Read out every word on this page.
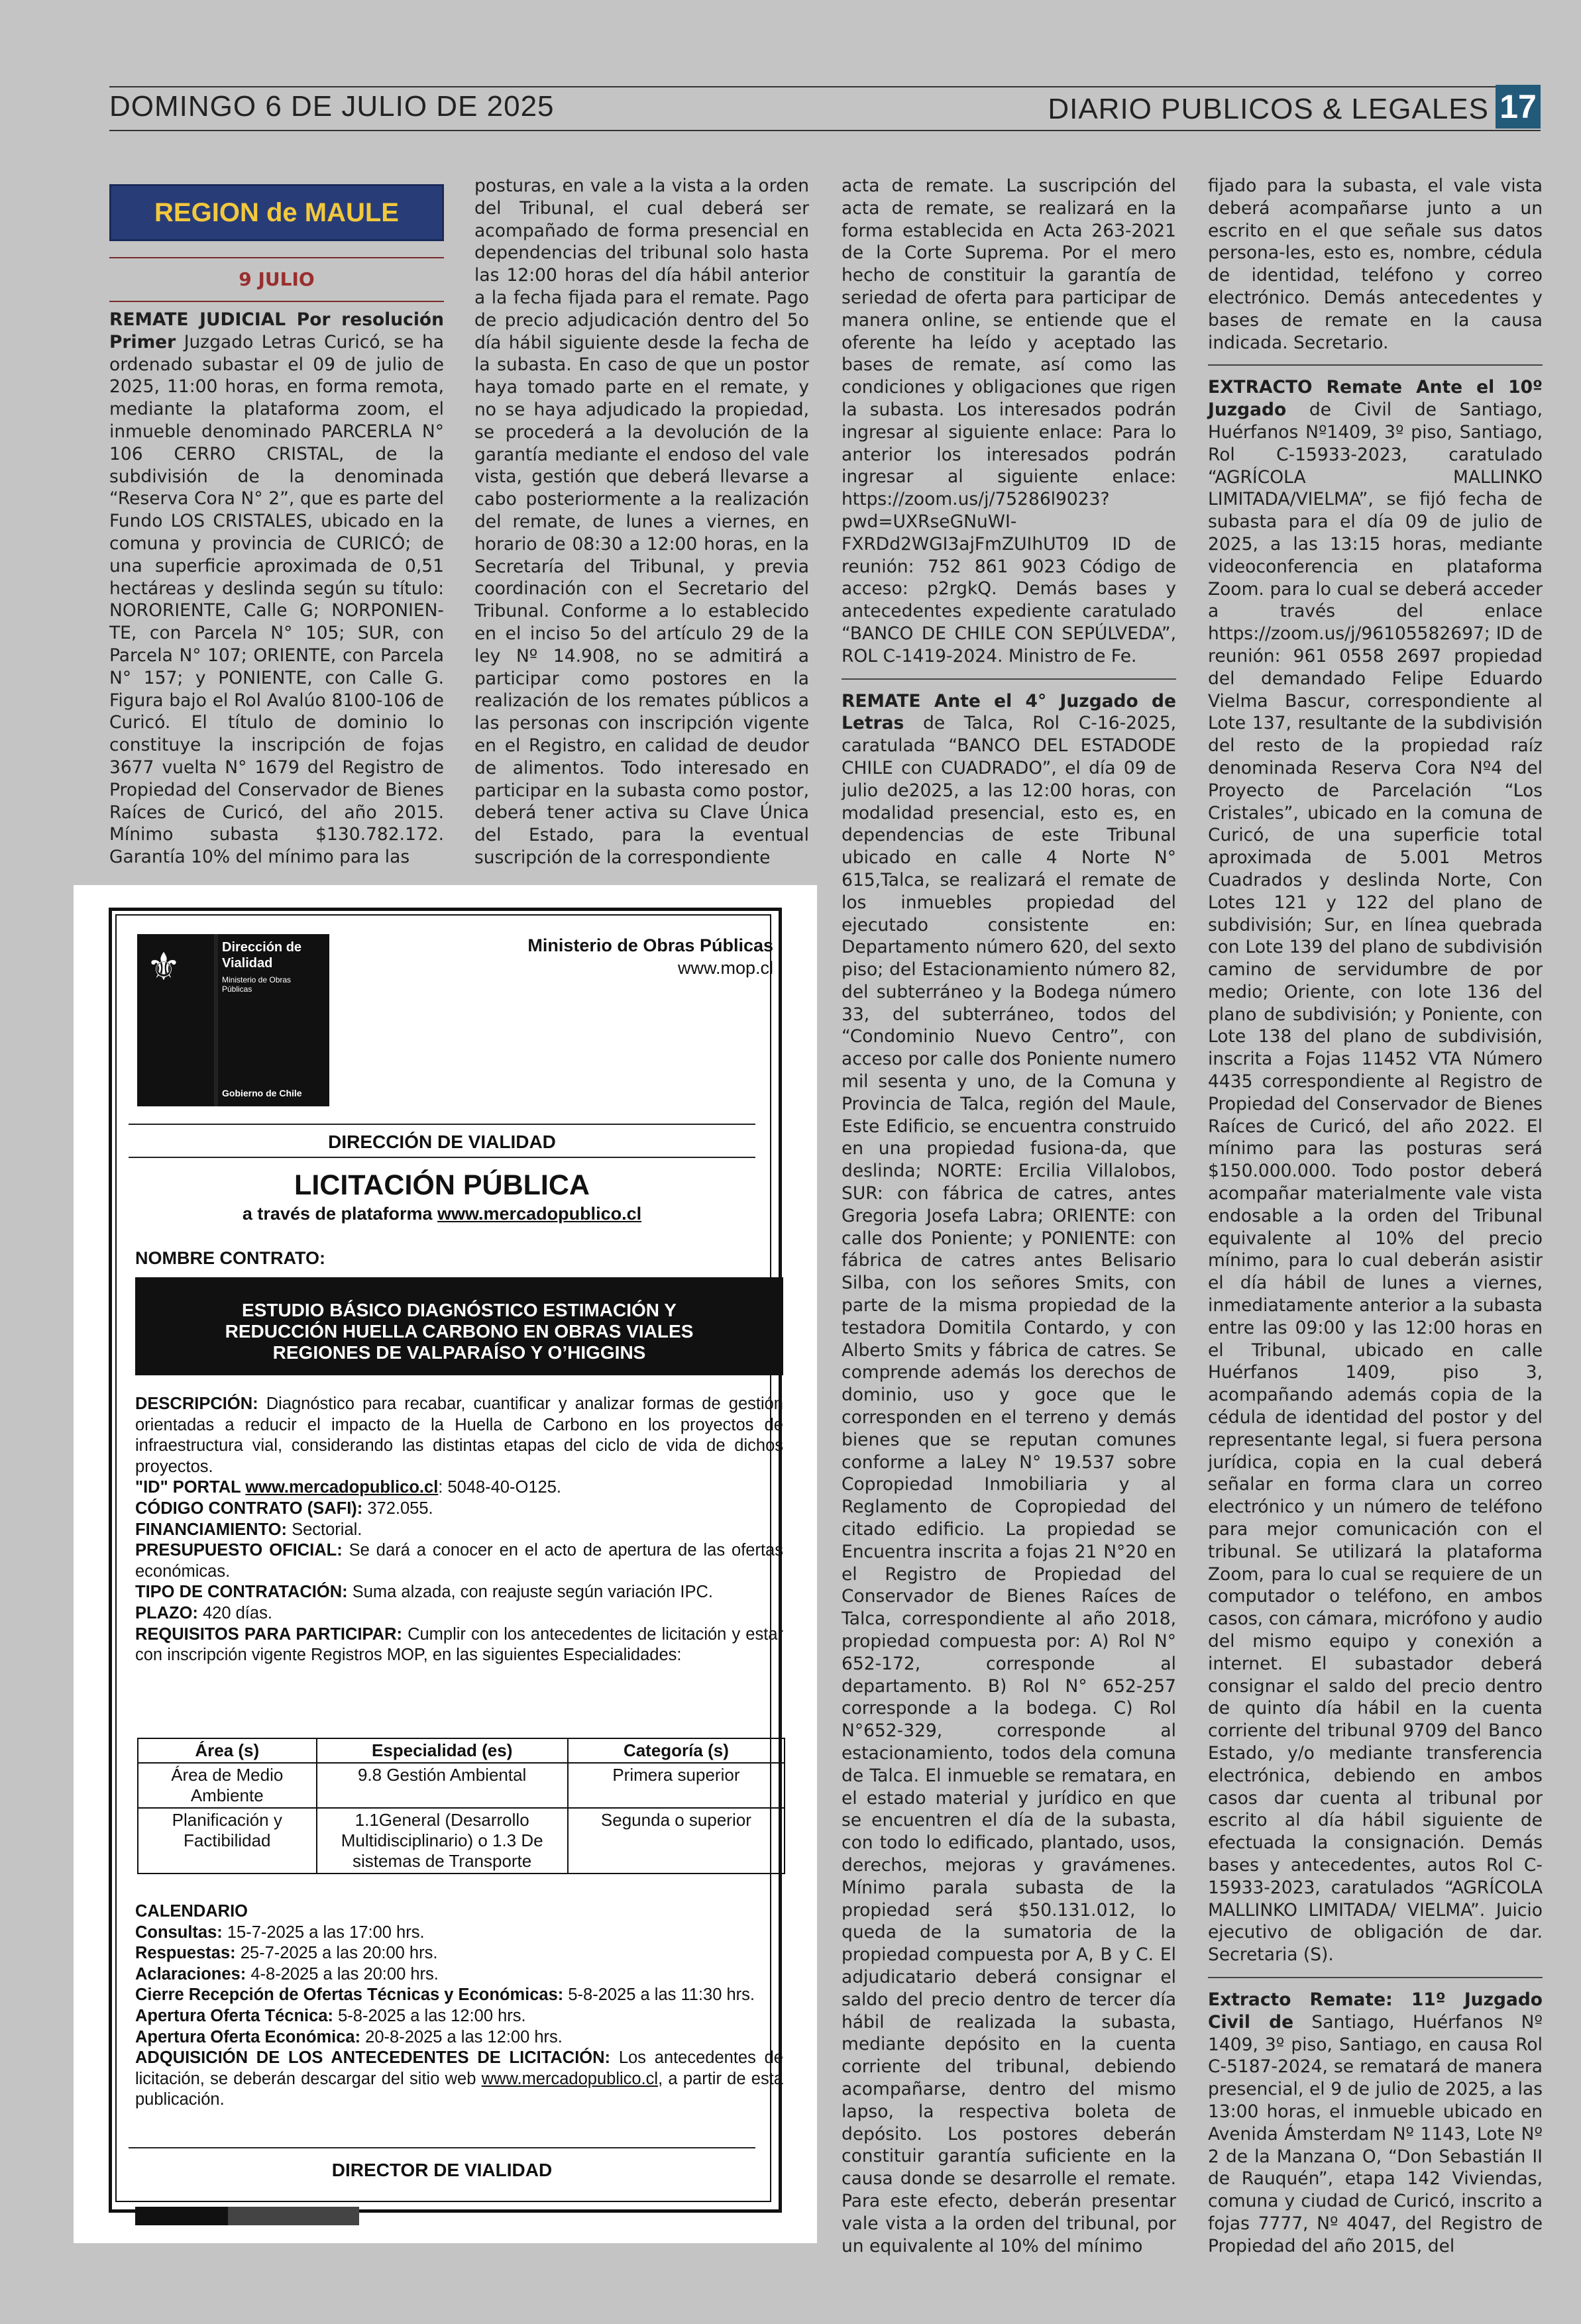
DOMINGO 6 DE JULIO DE 2025	DIARIO PUBLICOS & LEGALES 17
REGION de MAULE
9 JULIO

REMATE JUDICIAL Por resolución Primer Juzgado Letras Curicó, se ha ordenado subastar el 09 de julio de 2025, 11:00 horas, en forma remota, mediante la plataforma zoom, el inmueble denominado PARCERLA N° 106 CERRO CRISTAL, de la subdivisión de la denominada “Reserva Cora N° 2”, que es parte del Fundo LOS CRISTALES, ubicado en la comuna y provincia de CURICÓ; de una superficie aproximada de 0,51 hectáreas y deslinda según su título: NORORIENTE, Calle G; NORPONIEN-TE, con Parcela N° 105; SUR, con Parcela N° 107; ORIENTE, con Parcela N° 157; y PONIENTE, con Calle G. Figura bajo el Rol Avalúo 8100-106 de Curicó. El título de dominio lo constituye la inscripción de fojas 3677 vuelta N° 1679 del Registro de Propiedad del Conservador de Bienes Raíces de Curicó, del año 2015. Mínimo subasta $130.782.172. Garantía 10% del mínimo para las

posturas, en vale a la vista a la orden del Tribunal, el cual deberá ser acompañado de forma presencial en dependencias del tribunal solo hasta las 12:00 horas del día hábil anterior a la fecha fijada para el remate. Pago de precio adjudicación dentro del 5o día hábil siguiente desde la fecha de la subasta. En caso de que un postor haya tomado parte en el remate, y no se haya adjudicado la propiedad, se procederá a la devolución de la garantía mediante el endoso del vale vista, gestión que deberá llevarse a cabo posteriormente a la realización del remate, de lunes a viernes, en horario de 08:30 a 12:00 horas, en la Secretaría del Tribunal, y previa coordinación con el Secretario del Tribunal. Conforme a lo establecido en el inciso 5o del artículo 29 de la ley Nº 14.908, no se admitirá a participar como postores en la realización de los remates públicos a las personas con inscripción vigente en el Registro, en calidad de deudor de alimentos. Todo interesado en participar en la subasta como postor, deberá tener activa su Clave Única del Estado, para la eventual suscripción de la correspondiente

acta de remate. La suscripción del acta de remate, se realizará en la forma establecida en Acta 263-2021 de la Corte Suprema. Por el mero hecho de constituir la garantía de seriedad de oferta para participar de manera online, se entiende que el oferente ha leído y aceptado las bases de remate, así como las condiciones y obligaciones que rigen la subasta. Los interesados podrán ingresar al siguiente enlace: Para lo anterior los interesados podrán ingresar al siguiente enlace: https://zoom.us/j/75286l9023?pwd=UXRseGNuWI-FXRDd2WGI3ajFmZUIhUT09 ID de reunión: 752 861 9023 Código de acceso: p2rgkQ. Demás bases y antecedentes expediente caratulado “BANCO DE CHILE CON SEPÚLVEDA”, ROL C-1419-2024. Ministro de Fe.

REMATE Ante el 4° Juzgado de Letras de Talca, Rol C-16-2025, caratulada “BANCO DEL ESTADODE CHILE con CUADRADO”, el día 09 de julio de2025, a las 12:00 horas, con modalidad presencial, esto es, en dependencias de este Tribunal ubicado en calle 4 Norte N° 615,Talca, se realizará el remate de los inmuebles propiedad del ejecutado consistente en: Departamento número 620, del sexto piso; del Estacionamiento número 82, del subterráneo y la Bodega número 33, del subterráneo, todos del “Condominio Nuevo Centro”, con acceso por calle dos Poniente numero mil sesenta y uno, de la Comuna y Provincia de Talca, región del Maule, Este Edificio, se encuentra construido en una propiedad fusiona-da, que deslinda; NORTE: Ercilia Villalobos, SUR: con fábrica de catres, antes Gregoria Josefa Labra; ORIENTE: con calle dos Poniente; y PONIENTE: con fábrica de catres antes Belisario Silba, con los señores Smits, con parte de la misma propiedad de la testadora Domitila Contardo, y con Alberto Smits y fábrica de catres. Se comprende además los derechos de dominio, uso y goce que le corresponden en el terreno y demás bienes que se reputan comunes conforme a laLey N° 19.537 sobre Copropiedad Inmobiliaria y al Reglamento de Copropiedad del citado edificio. La propiedad se Encuentra inscrita a fojas 21 N°20 en el Registro de Propiedad del Conservador de Bienes Raíces de Talca, correspondiente al año 2018, propiedad compuesta por: A) Rol N° 652-172, corresponde al departamento. B) Rol N° 652-257 corresponde a la bodega. C) Rol N°652-329, corresponde al estacionamiento, todos dela comuna de Talca. El inmueble se rematara, en el estado material y jurídico en que se encuentren el día de la subasta, con todo lo edificado, plantado, usos, derechos, mejoras y gravámenes. Mínimo parala subasta de la propiedad será $50.131.012, lo queda de la sumatoria de la propiedad compuesta por A, B y C. El adjudicatario deberá consignar el saldo del precio dentro de tercer día hábil de realizada la subasta, mediante depósito en la cuenta corriente del tribunal, debiendo acompañarse, dentro del mismo lapso, la respectiva boleta de depósito. Los postores deberán constituir garantía suficiente en la causa donde se desarrolle el remate. Para este efecto, deberán presentar vale vista a la orden del tribunal, por un equivalente al 10% del mínimo

fijado para la subasta, el vale vista deberá acompañarse junto a un escrito en el que señale sus datos persona-les, esto es, nombre, cédula de identidad, teléfono y correo electrónico. Demás antecedentes y bases de remate en la causa indicada. Secretario.

EXTRACTO Remate Ante el 10º Juzgado de Civil de Santiago, Huérfanos Nº1409, 3º piso, Santiago, Rol C-15933-2023, caratulado “AGRÍCOLA MALLINKO LIMITADA/VIELMA”, se fijó fecha de subasta para el día 09 de julio de 2025, a las 13:15 horas, mediante videoconferencia en plataforma Zoom. para lo cual se deberá acceder a través del enlace https://zoom.us/j/96105582697; ID de reunión: 961 0558 2697 propiedad del demandado Felipe Eduardo Vielma Bascur, correspondiente al Lote 137, resultante de la subdivisión del resto de la propiedad raíz denominada Reserva Cora Nº4 del Proyecto de Parcelación “Los Cristales”, ubicado en la comuna de Curicó, de una superficie total aproximada de 5.001 Metros Cuadrados y deslinda Norte, Con Lotes 121 y 122 del plano de subdivisión; Sur, en línea quebrada con Lote 139 del plano de subdivisión camino de servidumbre de por medio; Oriente, con lote 136 del plano de subdivisión; y Poniente, con Lote 138 del plano de subdivisión, inscrita a Fojas 11452 VTA Número 4435 correspondiente al Registro de Propiedad del Conservador de Bienes Raíces de Curicó, del año 2022. El mínimo para las posturas será $150.000.000. Todo postor deberá acompañar materialmente vale vista endosable a la orden del Tribunal equivalente al 10% del precio mínimo, para lo cual deberán asistir el día hábil de lunes a viernes, inmediatamente anterior a la subasta entre las 09:00 y las 12:00 horas en el Tribunal, ubicado en calle Huérfanos 1409, piso 3, acompañando además copia de la cédula de identidad del postor y del representante legal, si fuera persona jurídica, copia en la cual deberá señalar en forma clara un correo electrónico y un número de teléfono para mejor comunicación con el tribunal. Se utilizará la plataforma Zoom, para lo cual se requiere de un computador o teléfono, en ambos casos, con cámara, micrófono y audio del mismo equipo y conexión a internet. El subastador deberá consignar el saldo del precio dentro de quinto día hábil en la cuenta corriente del tribunal 9709 del Banco Estado, y/o mediante transferencia electrónica, debiendo en ambos casos dar cuenta al tribunal por escrito al día hábil siguiente de efectuada la consignación. Demás bases y antecedentes, autos Rol C-15933-2023, caratulados “AGRÍCOLA MALLINKO LIMITADA/ VIELMA”. Juicio ejecutivo de obligación de dar. Secretaria (S).

Extracto Remate: 11º Juzgado Civil de Santiago, Huérfanos Nº 1409, 3º piso, Santiago, en causa Rol C-5187-2024, se rematará de manera presencial, el 9 de julio de 2025, a las 13:00 horas, el inmueble ubicado en Avenida Ámsterdam Nº 1143, Lote Nº 2 de la Manzana O, “Don Sebastián II de Rauquén”, etapa 142 Viviendas, comuna y ciudad de Curicó, inscrito a fojas 7777, Nº 4047, del Registro de Propiedad del año 2015, del

⚜	Dirección de
Vialidad
Ministerio de Obras Públicas
Gobierno de Chile
Ministerio de Obras Públicas
www.mop.cl
DIRECCIÓN DE VIALIDAD
LICITACIÓN PÚBLICA
a través de plataforma www.mercadopublico.cl
NOMBRE CONTRATO:
ESTUDIO BÁSICO DIAGNÓSTICO ESTIMACIÓN Y
REDUCCIÓN HUELLA CARBONO EN OBRAS VIALES
REGIONES DE VALPARAÍSO Y O’HIGGINS
DESCRIPCIÓN: Diagnóstico para recabar, cuantificar y analizar formas de gestión orientadas a reducir el impacto de la Huella de Carbono en los proyectos de infraestructura vial, considerando las distintas etapas del ciclo de vida de dichos proyectos.
"ID" PORTAL www.mercadopublico.cl: 5048-40-O125.
CÓDIGO CONTRATO (SAFI): 372.055.
FINANCIAMIENTO: Sectorial.
PRESUPUESTO OFICIAL: Se dará a conocer en el acto de apertura de las ofertas económicas.
TIPO DE CONTRATACIÓN: Suma alzada, con reajuste según variación IPC.
PLAZO: 420 días.
REQUISITOS PARA PARTICIPAR: Cumplir con los antecedentes de licitación y estar con inscripción vigente Registros MOP, en las siguientes Especialidades:
Área (s)	Especialidad (es)	Categoría (s)
Área de Medio Ambiente	9.8 Gestión Ambiental	Primera superior
Planificación y Factibilidad	1.1General (Desarrollo Multidisciplinario) o 1.3 De sistemas de Transporte	Segunda o superior
CALENDARIO
Consultas: 15-7-2025 a las 17:00 hrs.
Respuestas: 25-7-2025 a las 20:00 hrs.
Aclaraciones: 4-8-2025 a las 20:00 hrs.
Cierre Recepción de Ofertas Técnicas y Económicas: 5-8-2025 a las 11:30 hrs.
Apertura Oferta Técnica: 5-8-2025 a las 12:00 hrs.
Apertura Oferta Económica: 20-8-2025 a las 12:00 hrs.
ADQUISICIÓN DE LOS ANTECEDENTES DE LICITACIÓN: Los antecedentes de licitación, se deberán descargar del sitio web www.mercadopublico.cl, a partir de esta publicación.
DIRECTOR DE VIALIDAD
